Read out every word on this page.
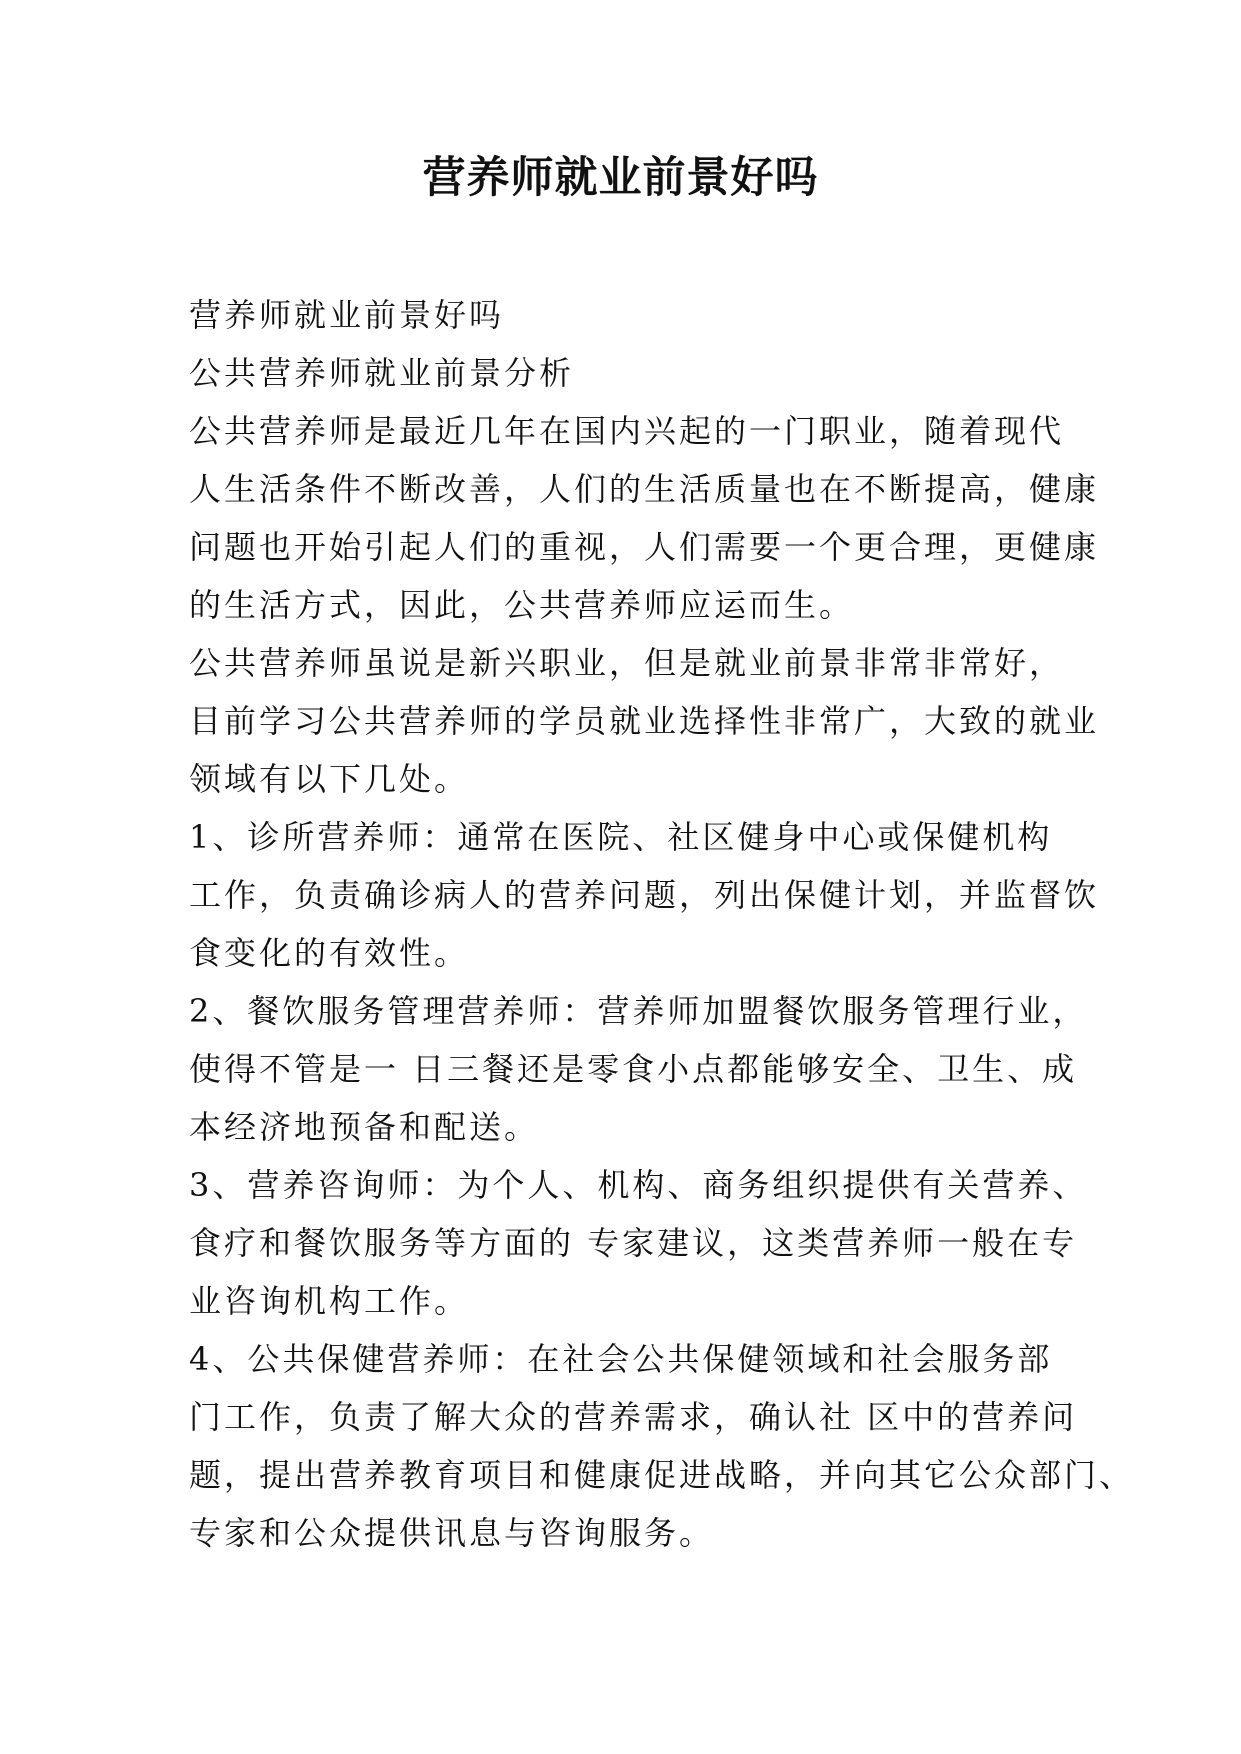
营养师就业前景好吗
营养师就业前景好吗
公共营养师就业前景分析
公共营养师是最近几年在国内兴起的一门职业，随着现代
人生活条件不断改善，人们的生活质量也在不断提高，健康
问题也开始引起人们的重视，人们需要一个更合理，更健康
的生活方式，因此，公共营养师应运而生。
公共营养师虽说是新兴职业，但是就业前景非常非常好，
目前学习公共营养师的学员就业选择性非常广，大致的就业
领域有以下几处。
1、诊所营养师：通常在医院、社区健身中心或保健机构
工作，负责确诊病人的营养问题，列出保健计划，并监督饮
食变化的有效性。
2、餐饮服务管理营养师：营养师加盟餐饮服务管理行业，
使得不管是一 日三餐还是零食小点都能够安全、卫生、成
本经济地预备和配送。
3、营养咨询师：为个人、机构、商务组织提供有关营养、
食疗和餐饮服务等方面的 专家建议，这类营养师一般在专
业咨询机构工作。
4、公共保健营养师：在社会公共保健领域和社会服务部
门工作，负责了解大众的营养需求，确认社 区中的营养问
题，提出营养教育项目和健康促进战略，并向其它公众部门、
专家和公众提供讯息与咨询服务。
